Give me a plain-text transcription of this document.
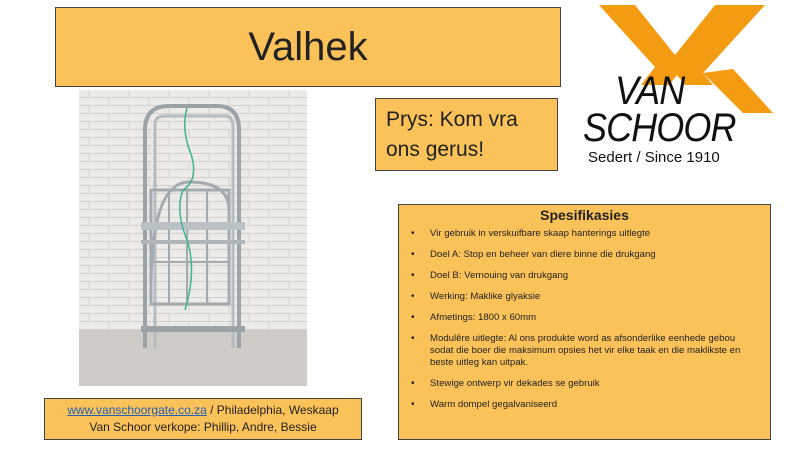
Valhek
VAN
SCHOOR
Sedert / Since 1910
Prys: Kom vra
ons gerus!
Spesifikasies
• Vir gebruik in verskuifbare skaap hanterings uitlegte
• Doel A: Stop en beheer van diere binne die drukgang
• Doel B: Vernouing van drukgang
• Werking: Maklike glyaksie
• Afmetings: 1800 x 60mm
• Modulêre uitlegte: Al ons produkte word as afsonderlike eenhede gebou sodat die boer die maksimum opsies het vir elke taak en die maklikste en beste uitleg kan uitpak.
• Stewige ontwerp vir dekades se gebruik
• Warm dompel gegalvaniseerd
www.vanschoorgate.co.za / Philadelphia, Weskaap
Van Schoor verkope: Phillip, Andre, Bessie
